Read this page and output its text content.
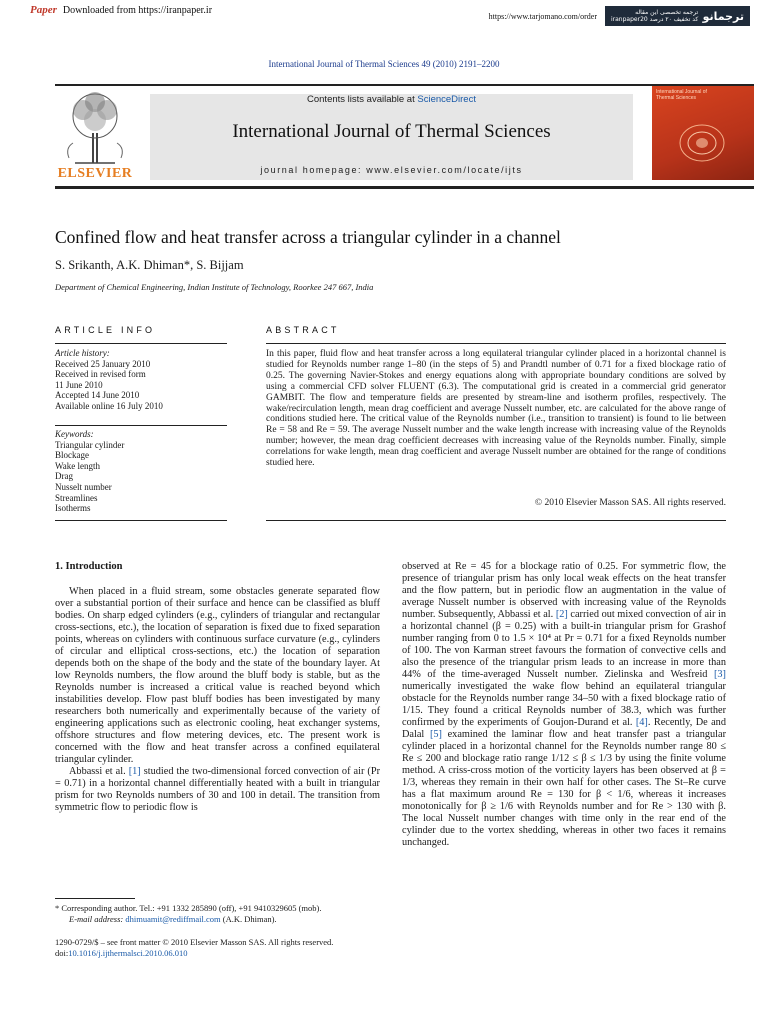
Paper Downloaded from https://iranpaper.ir
https://www.tarjomano.com/order	ترجمه تخصصی این مقاله
iranpaper20 کد تخفیف ۲۰ درصد ترجمانو
International Journal of Thermal Sciences 49 (2010) 2191–2200
Contents lists available at ScienceDirect
International Journal of Thermal Sciences
journal homepage: www.elsevier.com/locate/ijts
ELSEVIER
International Journal of Thermal Sciences
Confined flow and heat transfer across a triangular cylinder in a channel
S. Srikanth, A.K. Dhiman*, S. Bijjam
Department of Chemical Engineering, Indian Institute of Technology, Roorkee 247 667, India
ARTICLE INFO
Article history:
Received 25 January 2010
Received in revised form
11 June 2010
Accepted 14 June 2010
Available online 16 July 2010
Keywords:
Triangular cylinder
Blockage
Wake length
Drag
Nusselt number
Streamlines
Isotherms
ABSTRACT
In this paper, fluid flow and heat transfer across a long equilateral triangular cylinder placed in a horizontal channel is studied for Reynolds number range 1–80 (in the steps of 5) and Prandtl number of 0.71 for a fixed blockage ratio of 0.25. The governing Navier-Stokes and energy equations along with appropriate boundary conditions are solved by using a commercial CFD solver FLUENT (6.3). The computational grid is created in a commercial grid generator GAMBIT. The flow and temperature fields are presented by stream-line and isotherm profiles, respectively. The wake/recirculation length, mean drag coefficient and average Nusselt number, etc. are calculated for the above range of conditions studied here. The critical value of the Reynolds number (i.e., transition to transient) is found to lie between Re = 58 and Re = 59. The average Nusselt number and the wake length increase with increasing value of the Reynolds number; however, the mean drag coefficient decreases with increasing value of the Reynolds number. Finally, simple correlations for wake length, mean drag coefficient and average Nusselt number are obtained for the range of conditions studied here.
© 2010 Elsevier Masson SAS. All rights reserved.
1. Introduction

When placed in a fluid stream, some obstacles generate separated flow over a substantial portion of their surface and hence can be classified as bluff bodies. On sharp edged cylinders (e.g., cylinders of triangular and rectangular cross-sections, etc.), the location of separation is fixed due to fixed separation points, whereas on cylinders with continuous surface curvature (e.g., cylinders of circular and elliptical cross-sections, etc.) the location of separation depends both on the shape of the body and the state of the boundary layer. At low Reynolds numbers, the flow around the bluff body is stable, but as the Reynolds number is increased a critical value is reached beyond which instabilities develop. Flow past bluff bodies has been investigated by many researchers both numerically and experimentally because of the variety of engineering applications such as electronic cooling, heat exchanger systems, offshore structures and flow metering devices, etc. The present work is concerned with the flow and heat transfer across a confined equilateral triangular cylinder.

Abbassi et al. [1] studied the two-dimensional forced convection of air (Pr = 0.71) in a horizontal channel differentially heated with a built in triangular prism for two Reynolds numbers of 30 and 100 in detail. The transition from symmetric flow to periodic flow is

observed at Re = 45 for a blockage ratio of 0.25. For symmetric flow, the presence of triangular prism has only local weak effects on the heat transfer and the flow pattern, but in periodic flow an augmentation in the value of average Nusselt number is observed with increasing value of the Reynolds number. Subsequently, Abbassi et al. [2] carried out mixed convection of air in a horizontal channel (β = 0.25) with a built-in triangular prism for Grashof number ranging from 0 to 1.5 × 10⁴ at Pr = 0.71 for a fixed Reynolds number of 100. The von Karman street favours the formation of convective cells and also the presence of the triangular prism leads to an increase in more than 44% of the time-averaged Nusselt number. Zielinska and Wesfreid [3] numerically investigated the wake flow behind an equilateral triangular obstacle for the Reynolds number range 34–50 with a fixed blockage ratio of 1/15. They found a critical Reynolds number of 38.3, which was further confirmed by the experiments of Goujon-Durand et al. [4]. Recently, De and Dalal [5] examined the laminar flow and heat transfer past a triangular cylinder placed in a horizontal channel for the Reynolds number range 80 ≤ Re ≤ 200 and blockage ratio range 1/12 ≤ β ≤ 1/3 by using the finite volume method. A criss-cross motion of the vorticity layers has been observed at β = 1/3, whereas they remain in their own half for other cases. The St–Re curve has a flat maximum around Re = 130 for β < 1/6, whereas it increases monotonically for β ≥ 1/6 with Reynolds number and for Re > 130 with β. The local Nusselt number changes with time only in the rear end of the cylinder due to the vortex shedding, whereas in other two faces it remains unchanged.

* Corresponding author. Tel.: +91 1332 285890 (off), +91 9410329605 (mob).
E-mail address: dhimuamit@rediffmail.com (A.K. Dhiman).
1290-0729/$ – see front matter © 2010 Elsevier Masson SAS. All rights reserved.
doi:10.1016/j.ijthermalsci.2010.06.010
